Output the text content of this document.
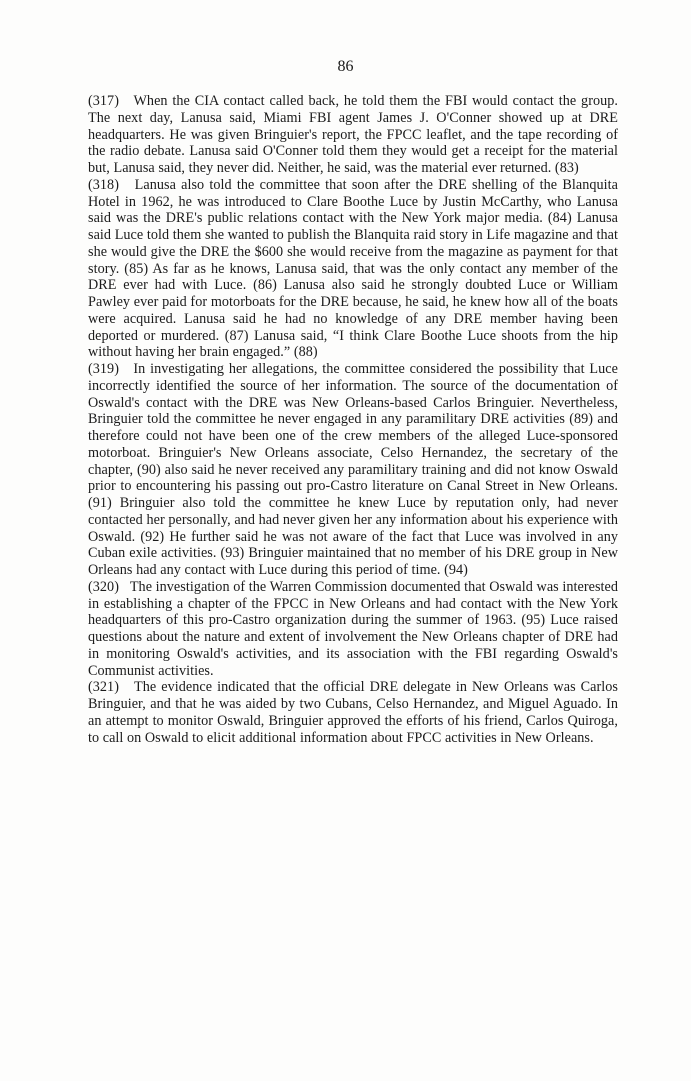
86

(317) When the CIA contact called back, he told them the FBI would contact the group. The next day, Lanusa said, Miami FBI agent James J. O'Conner showed up at DRE headquarters. He was given Bringuier's report, the FPCC leaflet, and the tape recording of the radio debate. Lanusa said O'Conner told them they would get a receipt for the material but, Lanusa said, they never did. Neither, he said, was the material ever returned. (83)

(318) Lanusa also told the committee that soon after the DRE shelling of the Blanquita Hotel in 1962, he was introduced to Clare Boothe Luce by Justin McCarthy, who Lanusa said was the DRE's public relations contact with the New York major media. (84) Lanusa said Luce told them she wanted to publish the Blanquita raid story in Life magazine and that she would give the DRE the $600 she would receive from the magazine as payment for that story. (85) As far as he knows, Lanusa said, that was the only contact any member of the DRE ever had with Luce. (86) Lanusa also said he strongly doubted Luce or William Pawley ever paid for motorboats for the DRE because, he said, he knew how all of the boats were acquired. Lanusa said he had no knowledge of any DRE member having been deported or murdered. (87) Lanusa said, “I think Clare Boothe Luce shoots from the hip without having her brain engaged.” (88)

(319) In investigating her allegations, the committee considered the possibility that Luce incorrectly identified the source of her information. The source of the documentation of Oswald's contact with the DRE was New Orleans-based Carlos Bringuier. Nevertheless, Bringuier told the committee he never engaged in any paramilitary DRE activities (89) and therefore could not have been one of the crew members of the alleged Luce-sponsored motorboat. Bringuier's New Orleans associate, Celso Hernandez, the secretary of the chapter, (90) also said he never received any paramilitary training and did not know Oswald prior to encountering his passing out pro-Castro literature on Canal Street in New Orleans. (91) Bringuier also told the committee he knew Luce by reputation only, had never contacted her personally, and had never given her any information about his experience with Oswald. (92) He further said he was not aware of the fact that Luce was involved in any Cuban exile activities. (93) Bringuier maintained that no member of his DRE group in New Orleans had any contact with Luce during this period of time. (94)

(320) The investigation of the Warren Commission documented that Oswald was interested in establishing a chapter of the FPCC in New Orleans and had contact with the New York headquarters of this pro-Castro organization during the summer of 1963. (95) Luce raised questions about the nature and extent of involvement the New Orleans chapter of DRE had in monitoring Oswald's activities, and its association with the FBI regarding Oswald's Communist activities.

(321) The evidence indicated that the official DRE delegate in New Orleans was Carlos Bringuier, and that he was aided by two Cubans, Celso Hernandez, and Miguel Aguado. In an attempt to monitor Oswald, Bringuier approved the efforts of his friend, Carlos Quiroga, to call on Oswald to elicit additional information about FPCC activities in New Orleans.
